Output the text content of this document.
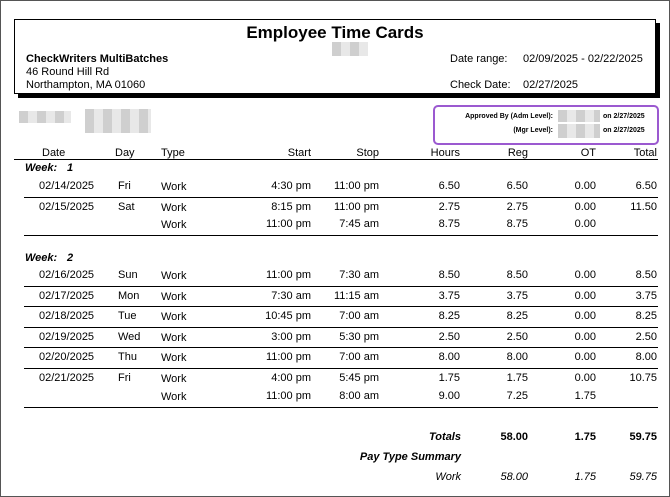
Employee Time Cards
CheckWriters MultiBatches
46 Round Hill Rd
Northampton, MA 01060
Date range: 02/09/2025 - 02/22/2025
Check Date: 02/27/2025
Approved By (Adm Level):	on 2/27/2025
(Mgr Level):	on 2/27/2025
Date	Day Type	Start	Stop	Hours	Reg	OT	Total
Week: 1
02/14/2025 Fri	Work	4:30 pm	11:00 pm	6.50	6.50	0.00	6.50
02/15/2025 Sat Work	8:15 pm	11:00 pm	2.75	2.75	0.00	11.50
Work	11:00 pm	7:45 am	8.75	8.75	0.00
Week: 2
02/16/2025 Sun Work	11:00 pm	7:30 am	8.50	8.50	0.00	8.50
02/17/2025 Mon Work	7:30 am	11:15 am	3.75	3.75	0.00	3.75
02/18/2025 Tue Work	10:45 pm	7:00 am	8.25	8.25	0.00	8.25
02/19/2025 Wed Work	3:00 pm	5:30 pm	2.50	2.50	0.00	2.50
02/20/2025 Thu Work	11:00 pm	7:00 am	8.00	8.00	0.00	8.00
02/21/2025 Fri	Work	4:00 pm	5:45 pm	1.75	1.75	0.00	10.75
Work	11:00 pm	8:00 am	9.00	7.25	1.75
Totals	58.00	1.75	59.75
Pay Type Summary
Work	58.00	1.75	59.75
